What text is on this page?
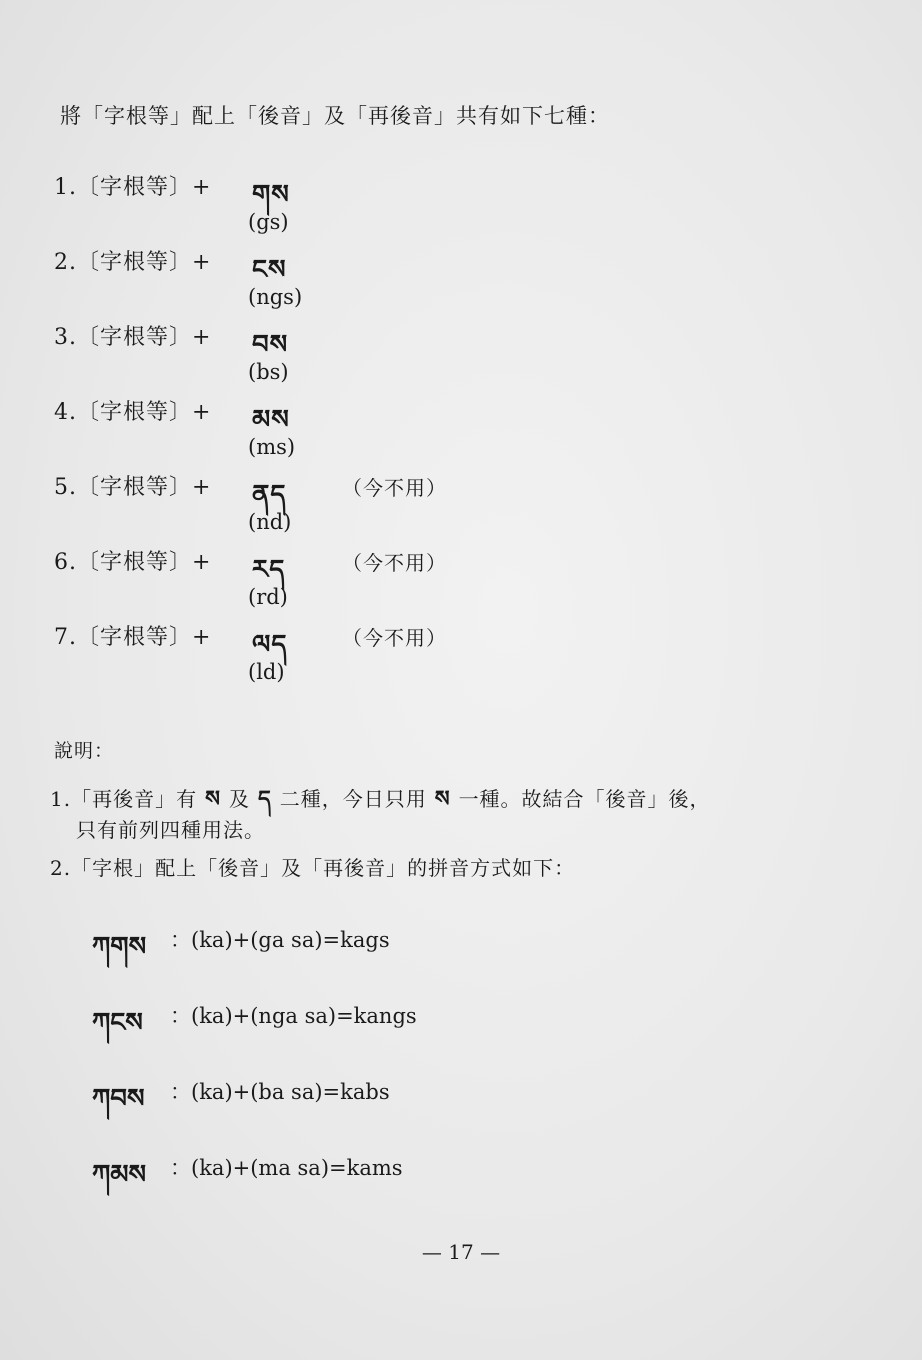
將「字根等」配上「後音」及「再後音」共有如下七種：
1.〔字根等〕+ གས
(gs)
2.〔字根等〕+ ངས
(ngs)
3.〔字根等〕+ བས
(bs)
4.〔字根等〕+ མས
(ms)
5.〔字根等〕+ ནད
(nd)
（今不用）
6.〔字根等〕+ རད
(rd)
（今不用）
7.〔字根等〕+ ལད
(ld)
（今不用）
說明：
1.「再後音」有 ས 及 ད 二種，今日只用 ས 一種。故結合「後音」後，
只有前列四種用法。
2.「字根」配上「後音」及「再後音」的拼音方式如下：
ཀགས ：(ka)+(ga sa)=kags
ཀངས ：(ka)+(nga sa)=kangs
ཀབས ：(ka)+(ba sa)=kabs
ཀམས ：(ka)+(ma sa)=kams
— 17 —
